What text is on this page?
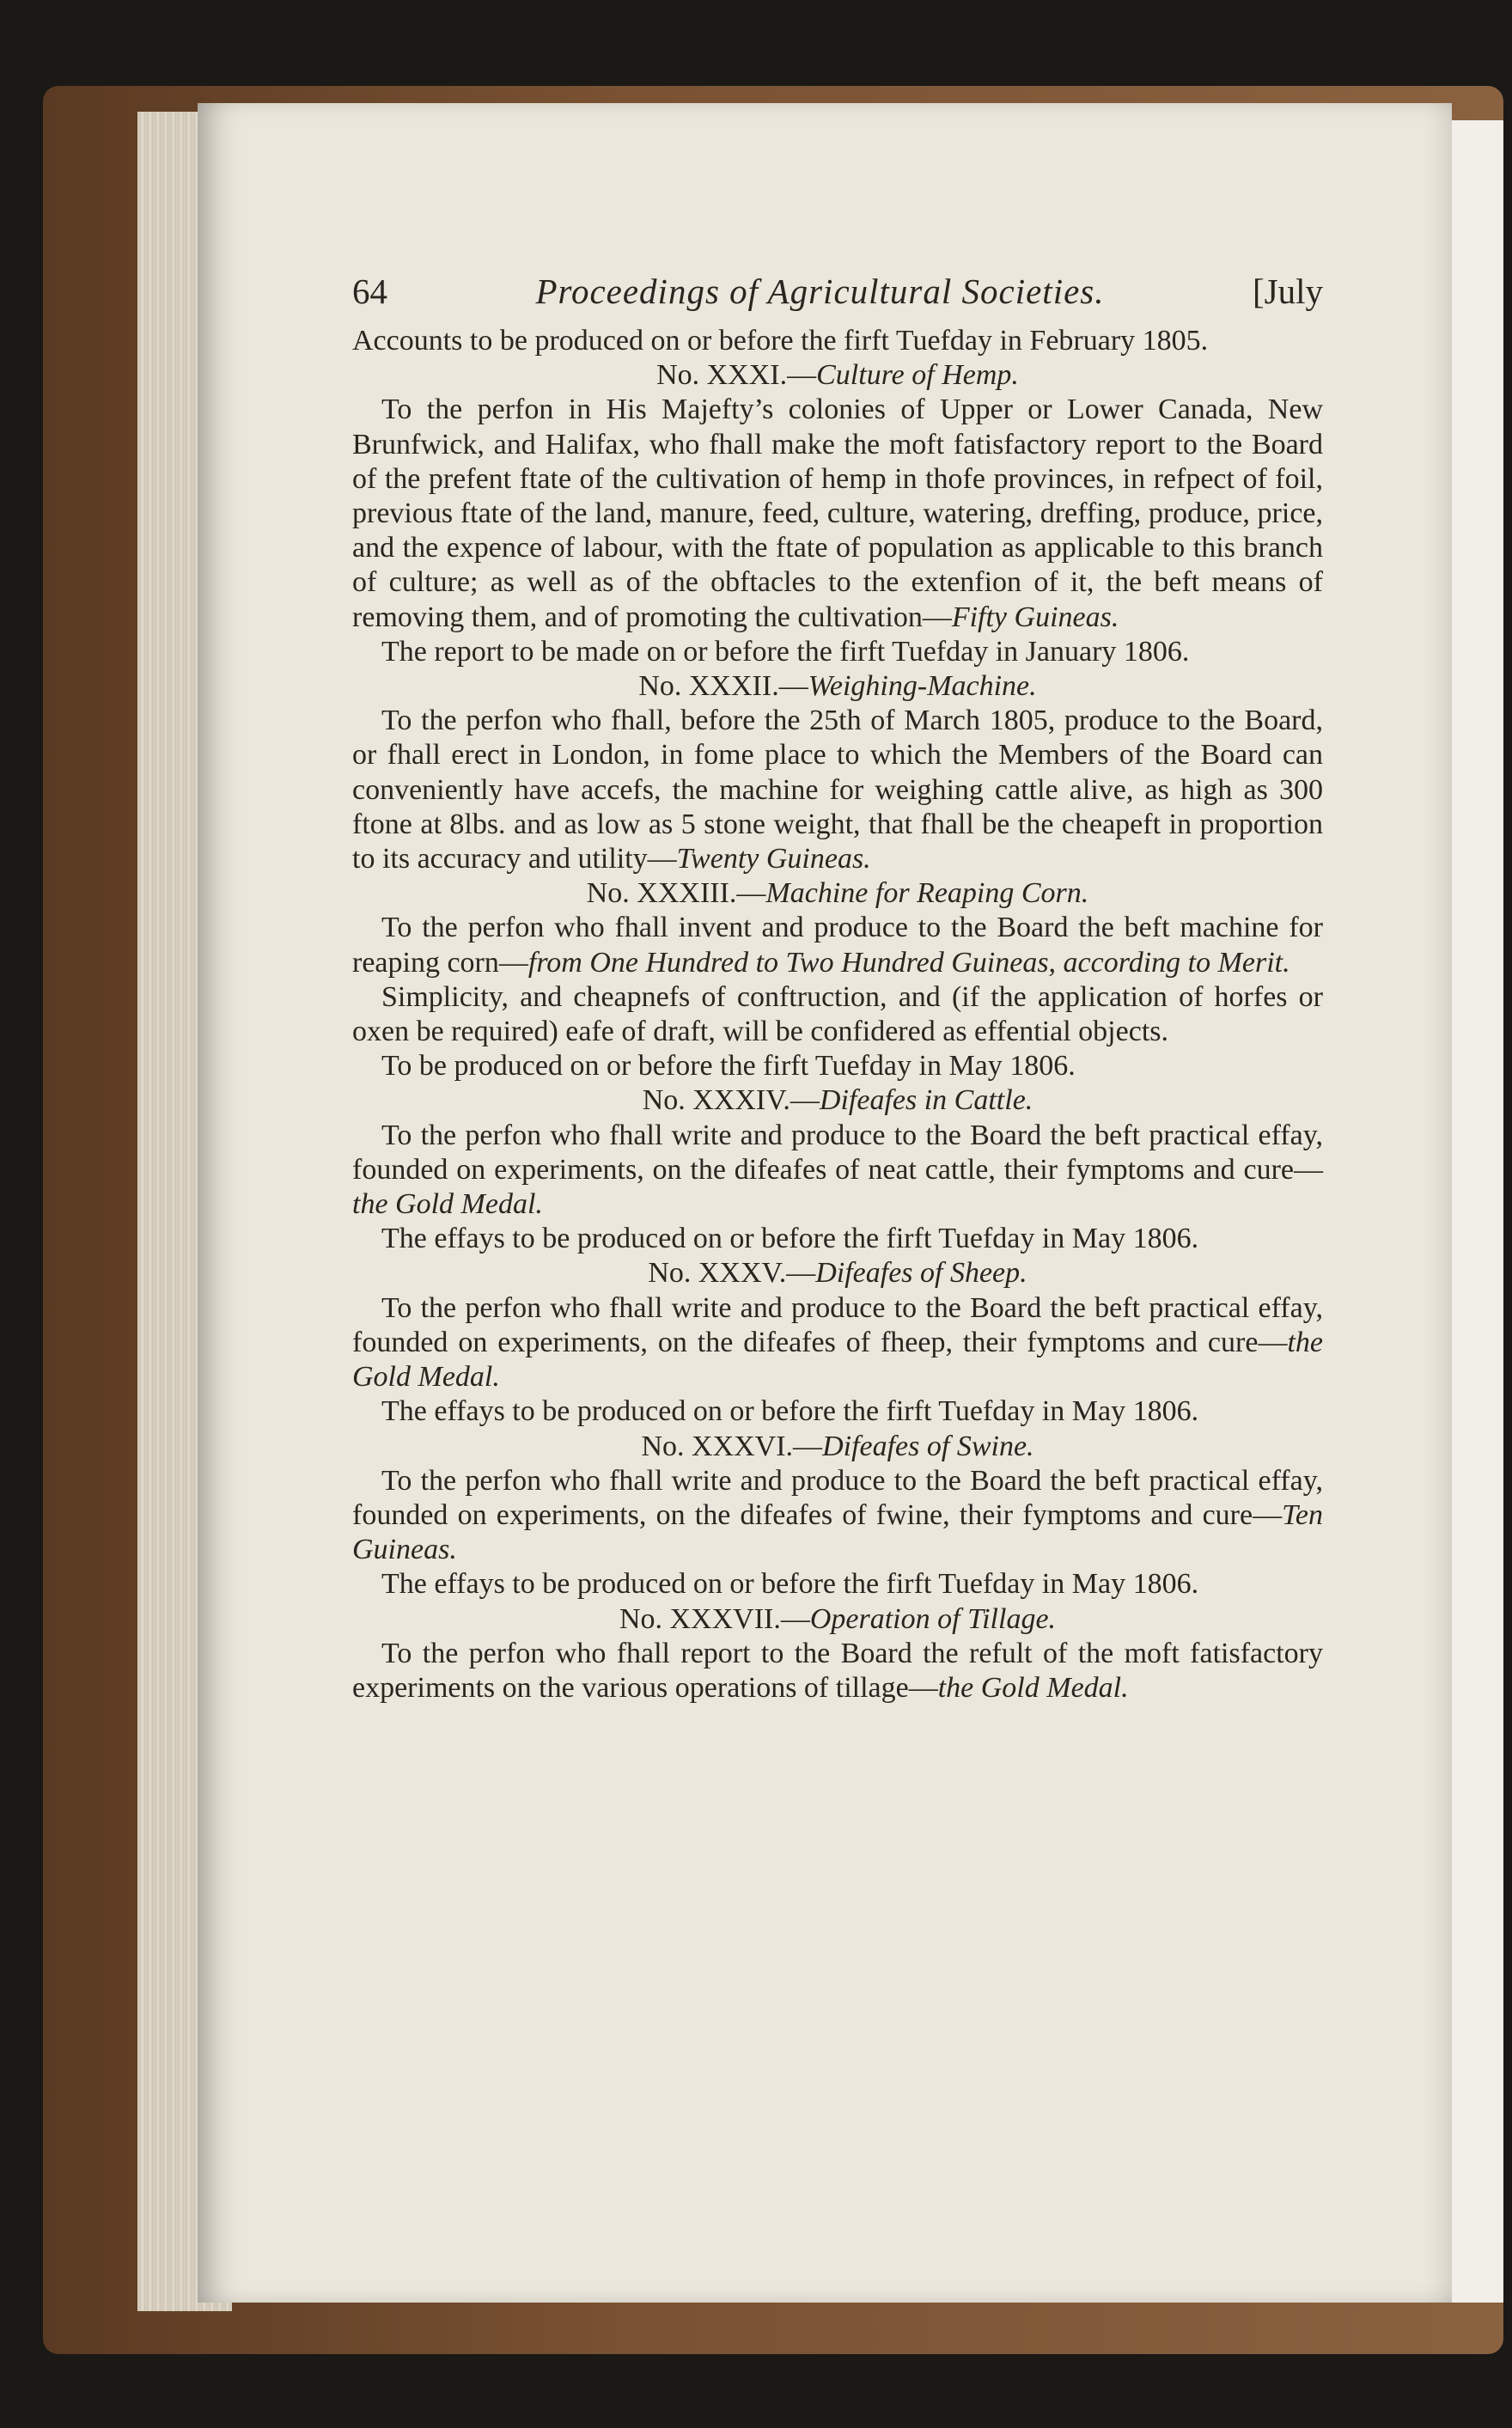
64	Proceedings of Agricultural Societies.	[July

Accounts to be produced on or before the firft Tuefday in February 1805.

No. XXXI.—Culture of Hemp.

 To the perfon in His Majefty’s colonies of Upper or Lower Canada, New Brunfwick, and Halifax, who fhall make the moft fatisfactory report to the Board of the prefent ftate of the cultivation of hemp in thofe provinces, in refpect of foil, previous ftate of the land, manure, feed, culture, watering, dreffing, produce, price, and the expence of labour, with the ftate of population as applicable to this branch of culture; as well as of the obftacles to the extenfion of it, the beft means of removing them, and of promoting the cultivation—Fifty Guineas.

 The report to be made on or before the firft Tuefday in January 1806.

No. XXXII.—Weighing-Machine.

 To the perfon who fhall, before the 25th of March 1805, produce to the Board, or fhall erect in London, in fome place to which the Members of the Board can conveniently have accefs, the machine for weighing cattle alive, as high as 300 ftone at 8lbs. and as low as 5 stone weight, that fhall be the cheapeft in proportion to its accuracy and utility—Twenty Guineas.

No. XXXIII.—Machine for Reaping Corn.

 To the perfon who fhall invent and produce to the Board the beft machine for reaping corn—from One Hundred to Two Hundred Guineas, according to Merit.

 Simplicity, and cheapnefs of conftruction, and (if the application of horfes or oxen be required) eafe of draft, will be confidered as effential objects.

 To be produced on or before the firft Tuefday in May 1806.

No. XXXIV.—Difeafes in Cattle.

 To the perfon who fhall write and produce to the Board the beft practical effay, founded on experiments, on the difeafes of neat cattle, their fymptoms and cure—the Gold Medal.

 The effays to be produced on or before the firft Tuefday in May 1806.

No. XXXV.—Difeafes of Sheep.

 To the perfon who fhall write and produce to the Board the beft practical effay, founded on experiments, on the difeafes of fheep, their fymptoms and cure—the Gold Medal.

 The effays to be produced on or before the firft Tuefday in May 1806.

No. XXXVI.—Difeafes of Swine.

 To the perfon who fhall write and produce to the Board the beft practical effay, founded on experiments, on the difeafes of fwine, their fymptoms and cure—Ten Guineas.

 The effays to be produced on or before the firft Tuefday in May 1806.

No. XXXVII.—Operation of Tillage.

 To the perfon who fhall report to the Board the refult of the moft fatisfactory experiments on the various operations of tillage—the Gold Medal.
